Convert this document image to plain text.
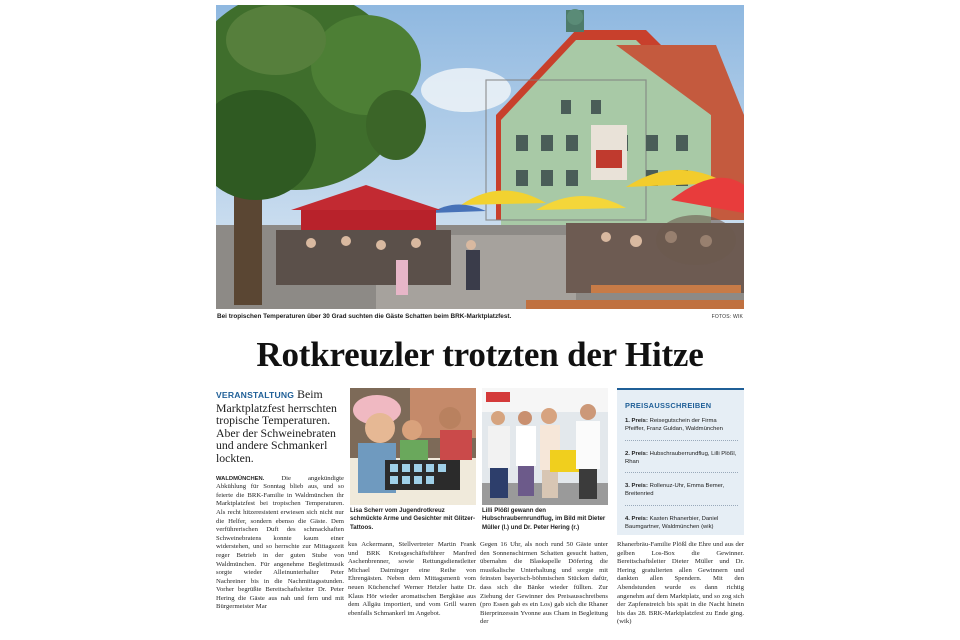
Bei tropischen Temperaturen über 30 Grad suchten die Gäste Schatten beim BRK-Marktplatzfest.	FOTOS: WIK
Rotkreuzler trotzten der Hitze
VERANSTALTUNG Beim Marktplatzfest herrschten tropische Temperaturen. Aber der Schweinebraten und andere Schmankerl lockten.
WALDMÜNCHEN.	Die angekündigte Abkühlung für Sonntag blieb aus, und so feierte die BRK-Familie in Waldmünchen ihr Marktplatzfest bei tropischen Temperaturen. Als recht hitzeresistent erwiesen sich nicht nur die Helfer, sondern ebenso die Gäste. Dem verführerischen Duft des schmackhaften Schweinebratens konnte kaum einer widerstehen, und so herrschte zur Mittagszeit reger Betrieb in der guten Stube von Waldmünchen. Für angenehme Begleitmusik sorgte wieder Alleinunterhalter Peter Nachreiner bis in die Nachmittagsstunden. Vorher begrüßte Bereitschaftsleiter Dr. Peter Hering die Gäste aus nah und fern und mit Bürgermeister Mar
Lisa Scherr vom Jugendrotkreuz schmückte Arme und Gesichter mit Glitzer-Tattoos.
Lilli Plößl gewann den Hubschraubernrundflug, im Bild mit Dieter Müller (l.) und Dr. Peter Hering (r.)
kus Ackermann, Stellvertreter Martin Frank und BRK Kreisgeschäftsführer Manfred Aschenbrenner, sowie Rettungsdienstleiter Michael Daiminger eine Reihe von Ehrengästen. Neben dem Mittagsmenü vom neuen Küchenchef Werner Hetzler hatte Dr. Klaus Hör wieder aromatischen Bergkäse aus dem Allgäu importiert, und vom Grill waren ebenfalls Schmankerl im Angebot.
Gegen 16 Uhr, als noch rund 50 Gäste unter den Sonnenschirmen Schatten gesucht hatten, übernahm die Blaskapelle Döfering die musikalische Unterhaltung und sorgte mit feinsten bayerisch-böhmischen Stücken dafür, dass sich die Bänke wieder füllten. Zur Ziehung der Gewinner des Preisausschreibens (pro Essen gab es ein Los) gab sich die Rhaner Bierprinzessin Yvonne aus Cham in Begleitung der
Rhanerbräu-Familie Plößl die Ehre und aus der gelben Los-Box die Gewinner. Bereitschaftsleiter Dieter Müller und Dr. Hering gratulierten allen Gewinnern und dankten allen Spendern. Mit den Abendstunden wurde es dann richtig angenehm auf dem Marktplatz, und so zog sich der Zapfenstreich bis spät in die Nacht hinein bis das 28. BRK-Marktplatzfest zu Ende ging. (wik)
PREISAUSSCHREIBEN
1. Preis: Reisegutschein der Firma Pfeiffer, Franz Guldan, Waldmünchen
2. Preis: Hubschrauberrundflug, Lilli Plößl, Rhan
3. Preis: Rollenuz-Uhr, Emma Bemer, Breitenried
4. Preis: Kasten Rhanerbier, Daniel Baumgartner, Waldmünchen (wik)
